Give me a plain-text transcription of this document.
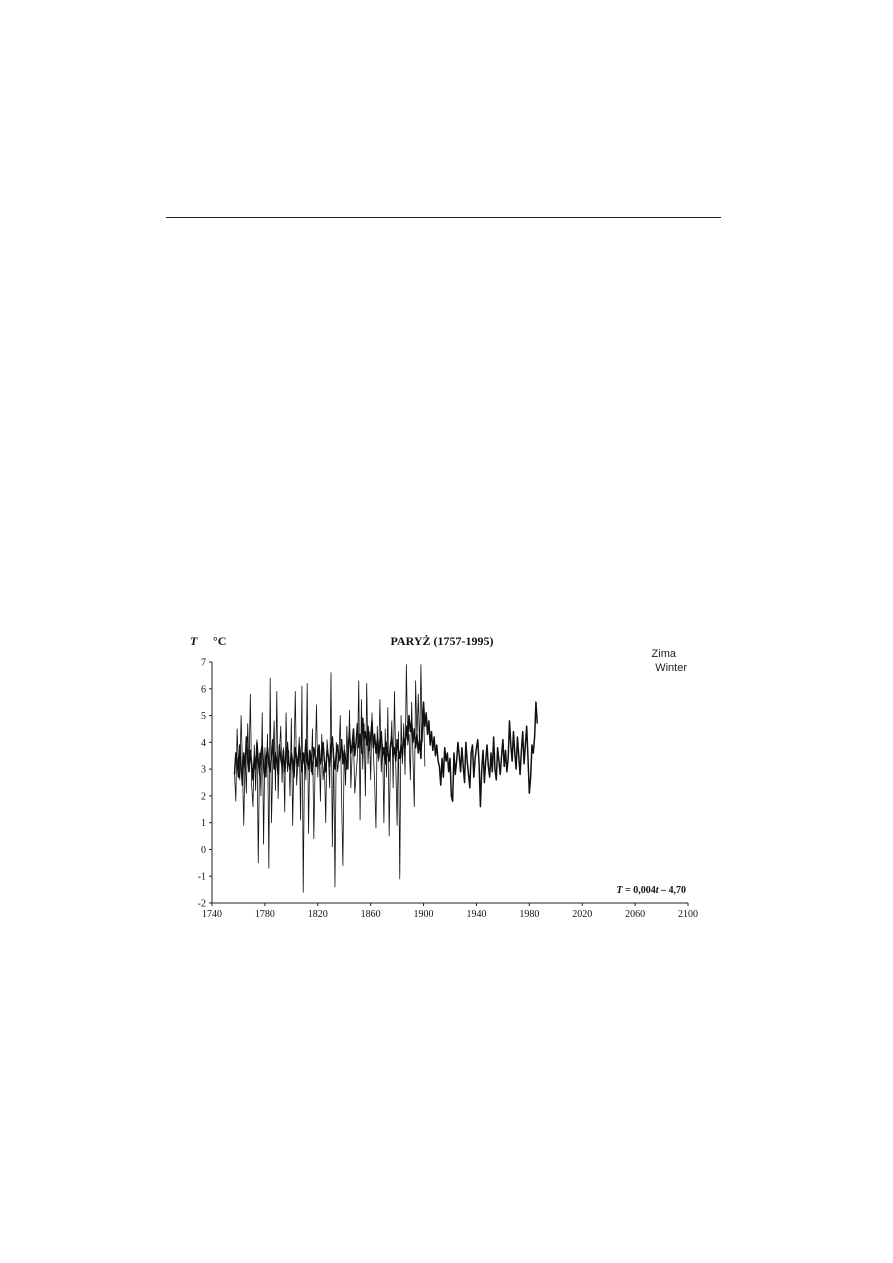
T °C	PARYŻ (1757-1995)
Zima
Winter
T = 0,004t – 4,70
-2
-1
0
1
2
3
4
5
6
7
1740	1780	1820	1860	1900	1940	1980	2020	2060	2100
